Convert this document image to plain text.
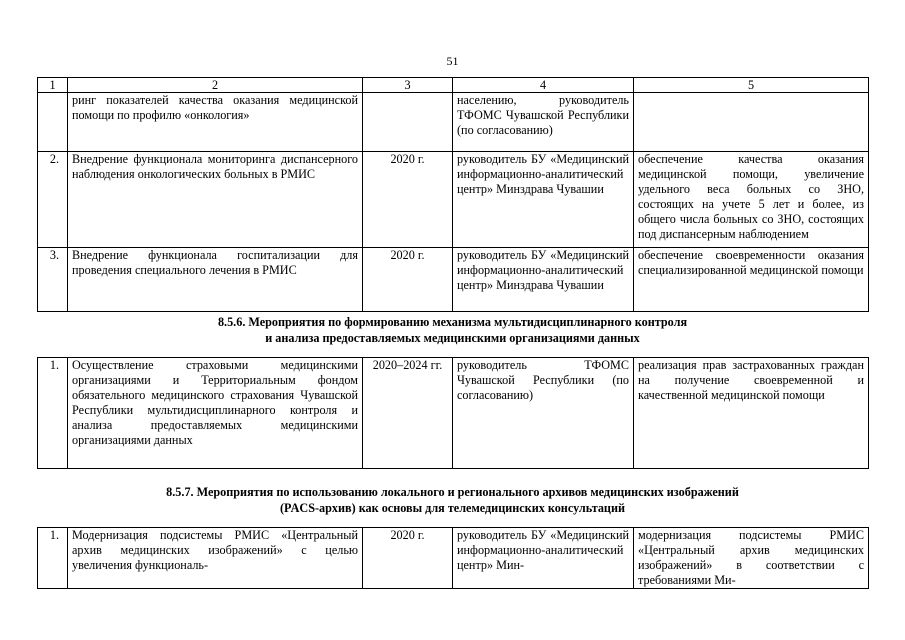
51
1	2	3	4	5
	ринг показателей качества оказания медицинской помощи по профилю «онкология»		населению, руководитель ТФОМС Чувашской Республики (по согласованию)	
2.	Внедрение функционала мониторинга диспансерного наблюдения онкологических больных в РМИС	2020 г.	руководитель БУ «Медицинский информационно-аналитический центр» Минздрава Чувашии	обеспечение качества оказания медицинской помощи, увеличение удельного веса больных со ЗНО, состоящих на учете 5 лет и более, из общего числа больных со ЗНО, состоящих под диспансерным наблюдением
3.	Внедрение функционала госпитализации для проведения специального лечения в РМИС	2020 г.	руководитель БУ «Медицинский информационно-аналитический центр» Минздрава Чувашии	обеспечение своевременности оказания специализированной медицинской помощи
8.5.6. Мероприятия по формированию механизма мультидисциплинарного контроля
и анализа предоставляемых медицинскими организациями данных
1.	Осуществление страховыми медицинскими организациями и Территориальным фондом обязательного медицинского страхования Чувашской Республики мультидисциплинарного контроля и анализа предоставляемых медицинскими организациями данных	2020–2024 гг.	руководитель ТФОМС Чувашской Республики (по согласованию)	реализация прав застрахованных граждан на получение своевременной и качественной медицинской помощи
8.5.7. Мероприятия по использованию локального и регионального архивов медицинских изображений
(PACS-архив) как основы для телемедицинских консультаций
1.	Модернизация подсистемы РМИС «Центральный архив медицинских изображений» с целью увеличения функциональ-	2020 г.	руководитель БУ «Медицинский информационно-аналитический центр» Мин-	модернизация подсистемы РМИС «Центральный архив медицинских изображений» в соответствии с требованиями Ми-
